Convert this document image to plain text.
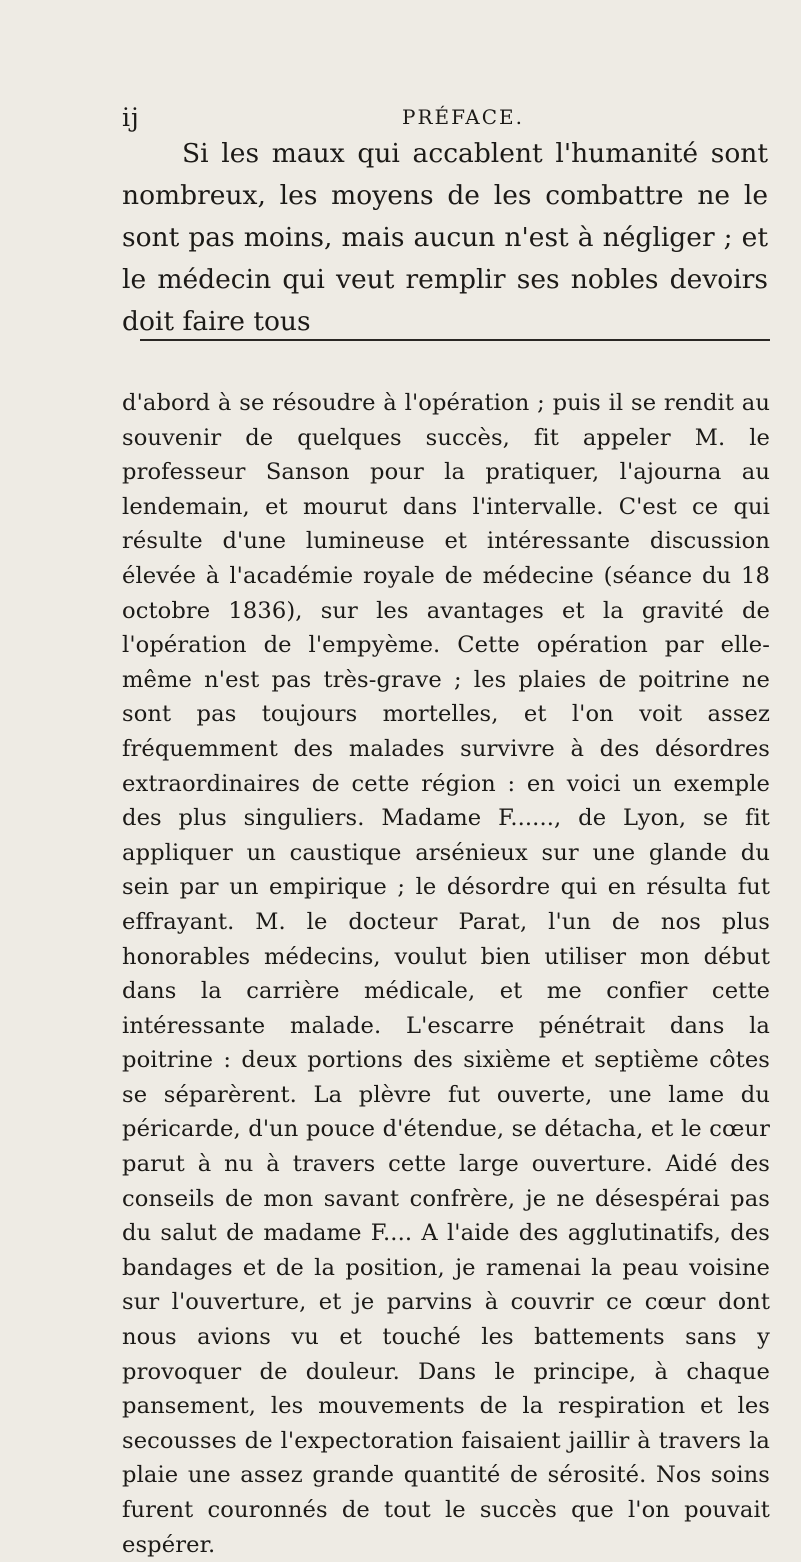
ij	PRÉFACE.

Si les maux qui accablent l'humanité sont nombreux, les moyens de les combattre ne le sont pas moins, mais aucun n'est à négliger ; et le médecin qui veut remplir ses nobles devoirs doit faire tous

d'abord à se résoudre à l'opération ; puis il se rendit au souvenir de quelques succès, fit appeler M. le professeur Sanson pour la pratiquer, l'ajourna au lendemain, et mourut dans l'intervalle. C'est ce qui résulte d'une lumineuse et intéressante discussion élevée à l'académie royale de médecine (séance du 18 octobre 1836), sur les avantages et la gravité de l'opération de l'empyème. Cette opération par elle-même n'est pas très-grave ; les plaies de poitrine ne sont pas toujours mortelles, et l'on voit assez fréquemment des malades survivre à des désordres extraordinaires de cette région : en voici un exemple des plus singuliers. Madame F......, de Lyon, se fit appliquer un caustique arsénieux sur une glande du sein par un empirique ; le désordre qui en résulta fut effrayant. M. le docteur Parat, l'un de nos plus honorables médecins, voulut bien utiliser mon début dans la carrière médicale, et me confier cette intéressante malade. L'escarre pénétrait dans la poitrine : deux portions des sixième et septième côtes se séparèrent. La plèvre fut ouverte, une lame du péricarde, d'un pouce d'étendue, se détacha, et le cœur parut à nu à travers cette large ouverture. Aidé des conseils de mon savant confrère, je ne désespérai pas du salut de madame F.... A l'aide des agglutinatifs, des bandages et de la position, je ramenai la peau voisine sur l'ouverture, et je parvins à couvrir ce cœur dont nous avions vu et touché les battements sans y provoquer de douleur. Dans le principe, à chaque pansement, les mouvements de la respiration et les secousses de l'expectoration faisaient jaillir à travers la plaie une assez grande quantité de sérosité. Nos soins furent couronnés de tout le succès que l'on pouvait espérer.
